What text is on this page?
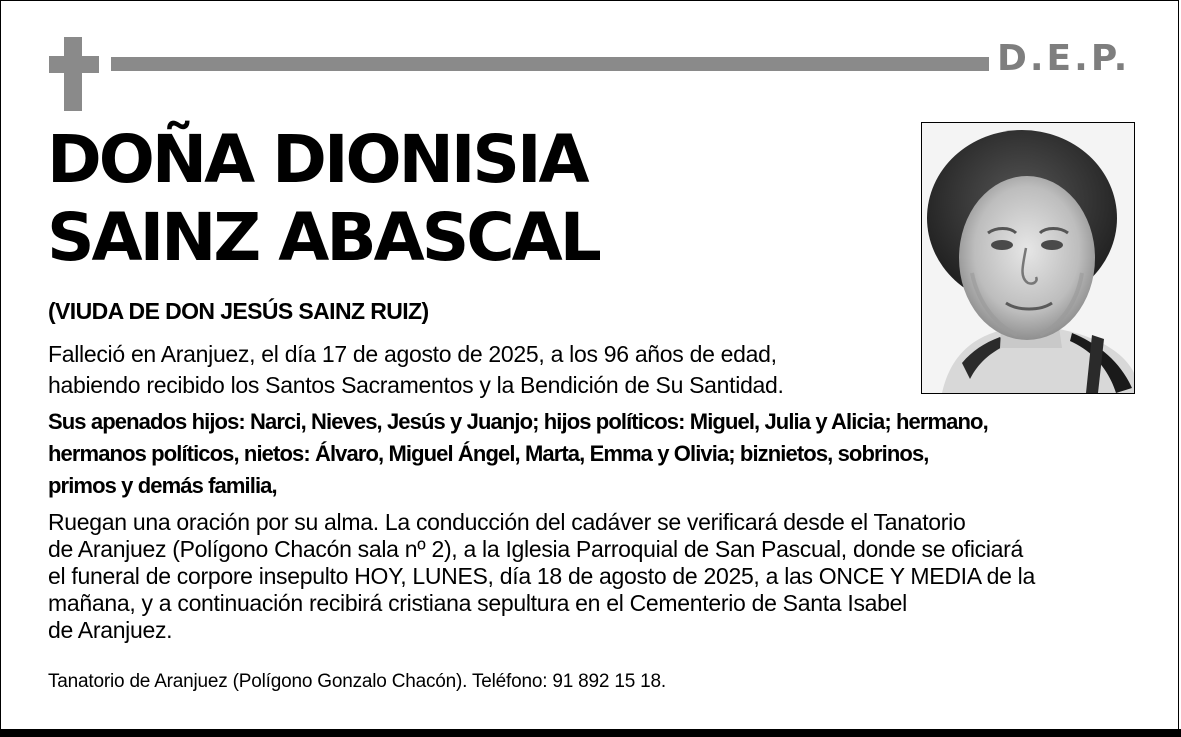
D.E.P.
DOÑA DIONISIA
SAINZ ABASCAL
(VIUDA DE DON JESÚS SAINZ RUIZ)
Falleció en Aranjuez, el día 17 de agosto de 2025, a los 96 años de edad,
habiendo recibido los Santos Sacramentos y la Bendición de Su Santidad.
Sus apenados hijos: Narci, Nieves, Jesús y Juanjo; hijos políticos: Miguel, Julia y Alicia; hermano,
hermanos políticos, nietos: Álvaro, Miguel Ángel, Marta, Emma y Olivia; biznietos, sobrinos,
primos y demás familia,
Ruegan una oración por su alma. La conducción del cadáver se verificará desde el Tanatorio
de Aranjuez (Polígono Chacón sala nº 2), a la Iglesia Parroquial de San Pascual, donde se oficiará
el funeral de corpore insepulto HOY, LUNES, día 18 de agosto de 2025, a las ONCE Y MEDIA de la
mañana, y a continuación recibirá cristiana sepultura en el Cementerio de Santa Isabel
de Aranjuez.
Tanatorio de Aranjuez (Polígono Gonzalo Chacón). Teléfono: 91 892 15 18.
